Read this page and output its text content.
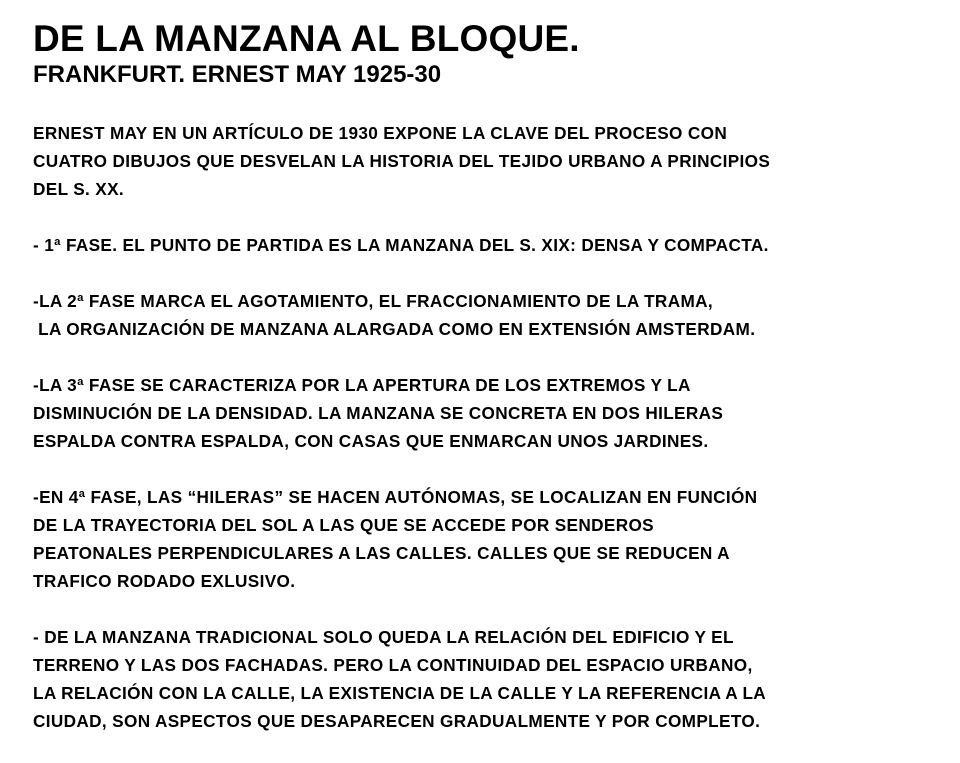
DE LA MANZANA AL BLOQUE.
FRANKFURT. ERNEST MAY 1925-30

ERNEST MAY EN UN ARTÍCULO DE 1930 EXPONE LA CLAVE DEL PROCESO CON
CUATRO DIBUJOS QUE DESVELAN LA HISTORIA DEL TEJIDO URBANO A PRINCIPIOS
DEL S. XX.

- 1ª FASE. EL PUNTO DE PARTIDA ES LA MANZANA DEL S. XIX: DENSA Y COMPACTA.

-LA 2ª FASE MARCA EL AGOTAMIENTO, EL FRACCIONAMIENTO DE LA TRAMA,
LA ORGANIZACIÓN DE MANZANA ALARGADA COMO EN EXTENSIÓN AMSTERDAM.

-LA 3ª FASE SE CARACTERIZA POR LA APERTURA DE LOS EXTREMOS Y LA
DISMINUCIÓN DE LA DENSIDAD. LA MANZANA SE CONCRETA EN DOS HILERAS
ESPALDA CONTRA ESPALDA, CON CASAS QUE ENMARCAN UNOS JARDINES.

-EN 4ª FASE, LAS “HILERAS” SE HACEN AUTÓNOMAS, SE LOCALIZAN EN FUNCIÓN
DE LA TRAYECTORIA DEL SOL A LAS QUE SE ACCEDE POR SENDEROS
PEATONALES PERPENDICULARES A LAS CALLES. CALLES QUE SE REDUCEN A
TRAFICO RODADO EXLUSIVO.

- DE LA MANZANA TRADICIONAL SOLO QUEDA LA RELACIÓN DEL EDIFICIO Y EL
TERRENO Y LAS DOS FACHADAS. PERO LA CONTINUIDAD DEL ESPACIO URBANO,
LA RELACIÓN CON LA CALLE, LA EXISTENCIA DE LA CALLE Y LA REFERENCIA A LA
CIUDAD, SON ASPECTOS QUE DESAPARECEN GRADUALMENTE Y POR COMPLETO.
